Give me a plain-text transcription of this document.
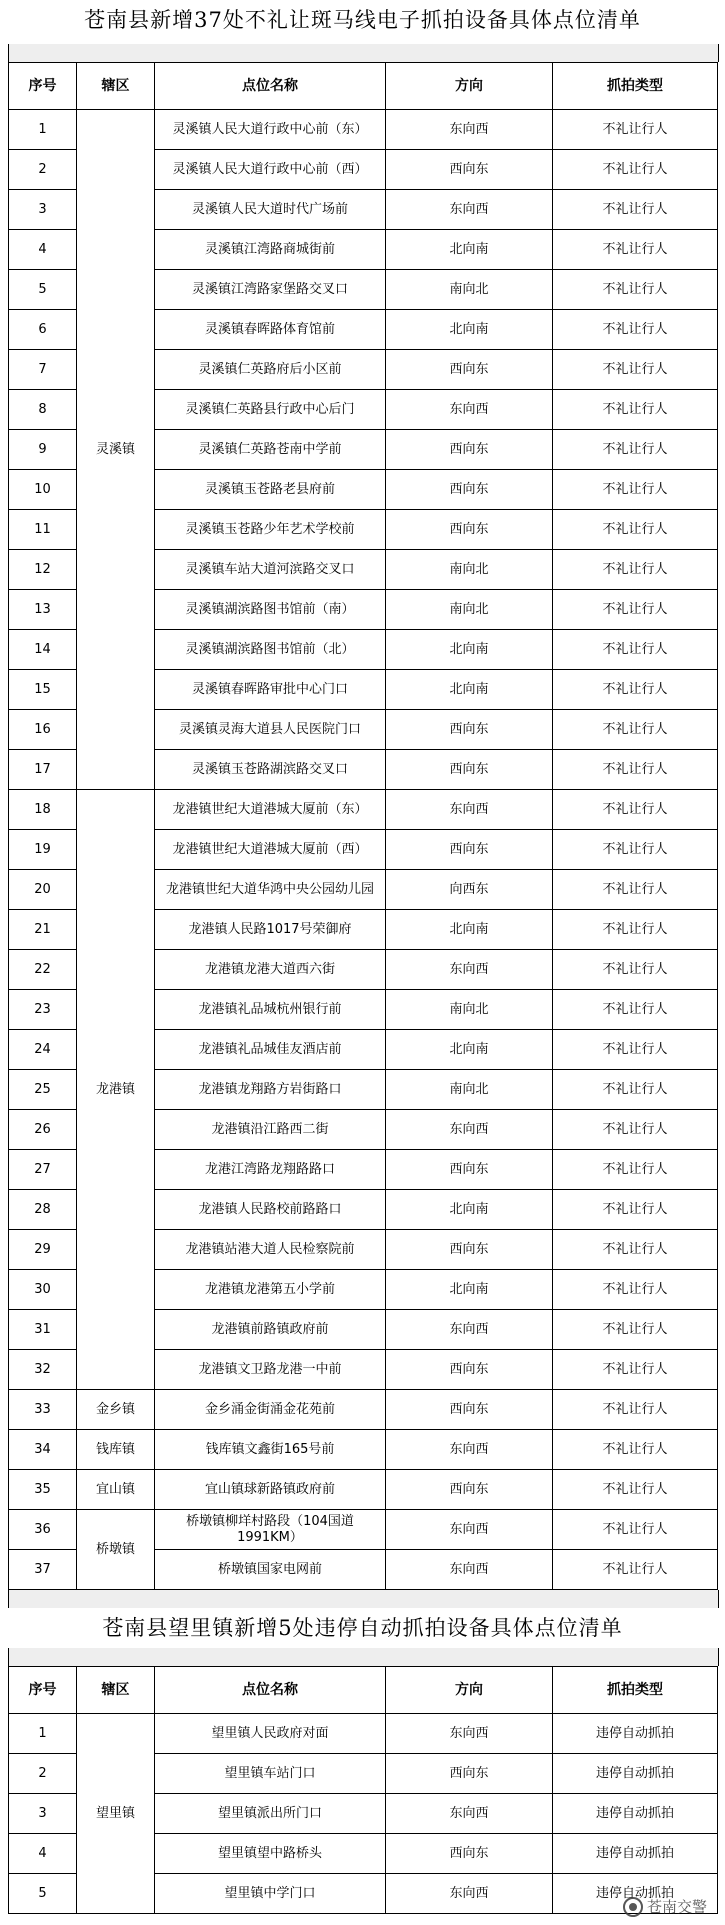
苍南县新增37处不礼让斑马线电子抓拍设备具体点位清单
序号	辖区	点位名称	方向	抓拍类型
1	灵溪镇	灵溪镇人民大道行政中心前（东）	东向西	不礼让行人
2		灵溪镇人民大道行政中心前（西）	西向东	不礼让行人
3		灵溪镇人民大道时代广场前	东向西	不礼让行人
4		灵溪镇江湾路商城街前	北向南	不礼让行人
5		灵溪镇江湾路家堡路交叉口	南向北	不礼让行人
6		灵溪镇春晖路体育馆前	北向南	不礼让行人
7		灵溪镇仁英路府后小区前	西向东	不礼让行人
8		灵溪镇仁英路县行政中心后门	东向西	不礼让行人
9		灵溪镇仁英路苍南中学前	西向东	不礼让行人
10		灵溪镇玉苍路老县府前	西向东	不礼让行人
11		灵溪镇玉苍路少年艺术学校前	西向东	不礼让行人
12		灵溪镇车站大道河滨路交叉口	南向北	不礼让行人
13		灵溪镇湖滨路图书馆前（南）	南向北	不礼让行人
14		灵溪镇湖滨路图书馆前（北）	北向南	不礼让行人
15		灵溪镇春晖路审批中心门口	北向南	不礼让行人
16		灵溪镇灵海大道县人民医院门口	西向东	不礼让行人
17		灵溪镇玉苍路湖滨路交叉口	西向东	不礼让行人
18	龙港镇	龙港镇世纪大道港城大厦前（东）	东向西	不礼让行人
19		龙港镇世纪大道港城大厦前（西）	西向东	不礼让行人
20		龙港镇世纪大道华鸿中央公园幼儿园	向西东	不礼让行人
21		龙港镇人民路1017号荣御府	北向南	不礼让行人
22		龙港镇龙港大道西六街	东向西	不礼让行人
23		龙港镇礼品城杭州银行前	南向北	不礼让行人
24		龙港镇礼品城佳友酒店前	北向南	不礼让行人
25		龙港镇龙翔路方岩街路口	南向北	不礼让行人
26		龙港镇沿江路西二街	东向西	不礼让行人
27		龙港江湾路龙翔路路口	西向东	不礼让行人
28		龙港镇人民路校前路路口	北向南	不礼让行人
29		龙港镇站港大道人民检察院前	西向东	不礼让行人
30		龙港镇龙港第五小学前	北向南	不礼让行人
31		龙港镇前路镇政府前	东向西	不礼让行人
32		龙港镇文卫路龙港一中前	西向东	不礼让行人
33	金乡镇	金乡涌金街涌金花苑前	西向东	不礼让行人
34	钱库镇	钱库镇文鑫街165号前	东向西	不礼让行人
35	宜山镇	宜山镇球新路镇政府前	西向东	不礼让行人
36	桥墩镇	桥墩镇柳垟村路段（104国道1991KM）	东向西	不礼让行人
37		桥墩镇国家电网前	东向西	不礼让行人
苍南县望里镇新增5处违停自动抓拍设备具体点位清单
序号	辖区	点位名称	方向	抓拍类型
1	望里镇	望里镇人民政府对面	东向西	违停自动抓拍
2		望里镇车站门口	西向东	违停自动抓拍
3		望里镇派出所门口	东向西	违停自动抓拍
4		望里镇望中路桥头	西向东	违停自动抓拍
5		望里镇中学门口	东向西	违停自动抓拍
苍南交警
